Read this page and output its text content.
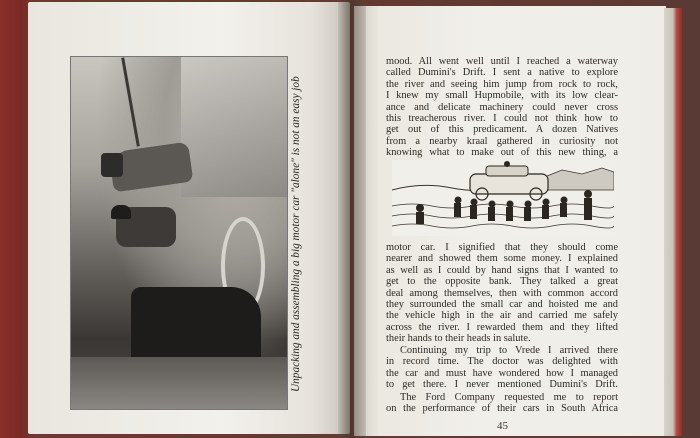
Unpacking and assembling a big motor car "alone" is not an easy job
mood. All went well until I reached a waterway
called Dumini's Drift. I sent a native to explore
the river and seeing him jump from rock to rock,
I knew my small Hupmobile, with its low clear-
ance and delicate machinery could never cross
this treacherous river. I could not think how to
get out of this predicament. A dozen Natives
from a nearby kraal gathered in curiosity not
knowing what to make out of this new thing, a
motor car. I signified that they should come
nearer and showed them some money. I explained
as well as I could by hand signs that I wanted to
get to the opposite bank. They talked a great
deal among themselves, then with common accord
they surrounded the small car and hoisted me and
the vehicle high in the air and carried me safely
across the river. I rewarded them and they lifted
their hands to their heads in salute.
Continuing my trip to Vrede I arrived there
in record time. The doctor was delighted with
the car and must have wondered how I managed
to get there. I never mentioned Dumini's Drift.
The Ford Company requested me to report
on the performance of their cars in South Africa
45
